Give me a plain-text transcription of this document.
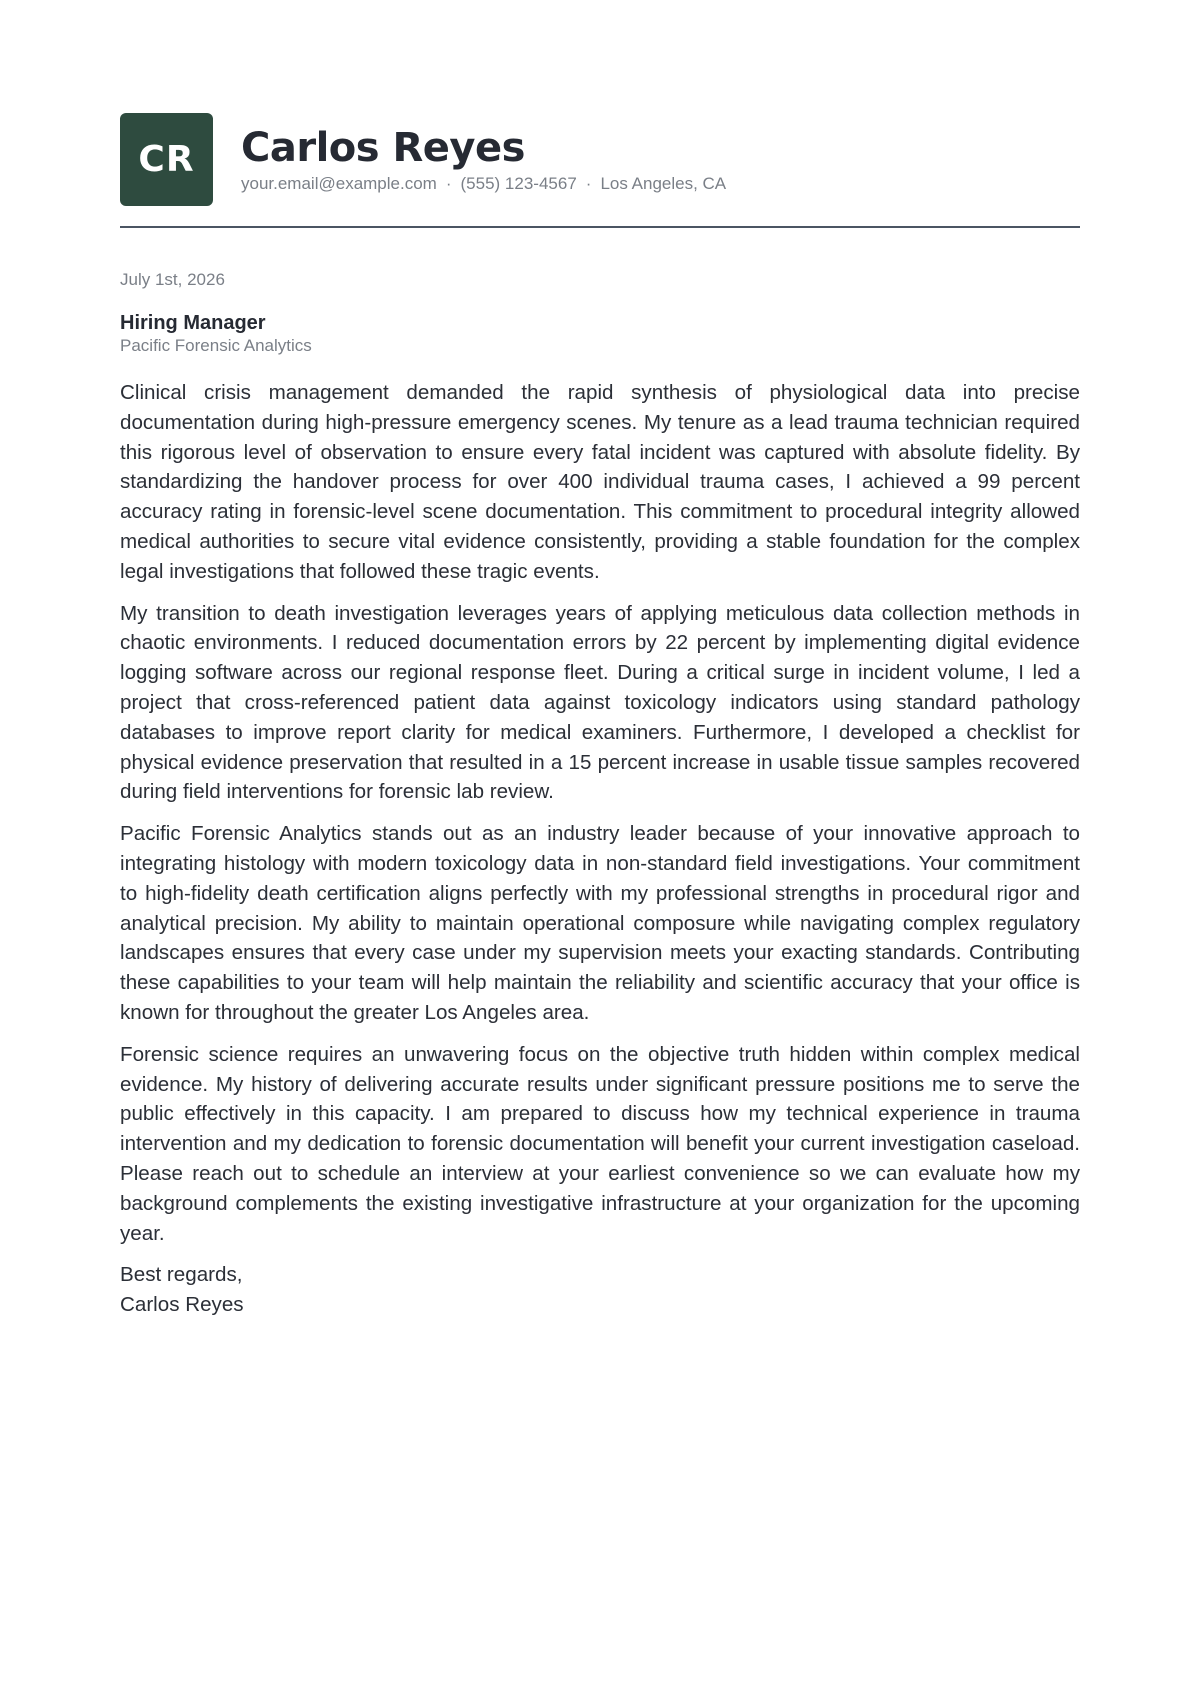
CR Carlos Reyes
your.email@example.com · (555) 123-4567 · Los Angeles, CA
July 1st, 2026
Hiring Manager
Pacific Forensic Analytics

Clinical crisis management demanded the rapid synthesis of physiological data into precise documentation during high-pressure emergency scenes. My tenure as a lead trauma technician required this rigorous level of observation to ensure every fatal incident was captured with absolute fidelity. By standardizing the handover process for over 400 individual trauma cases, I achieved a 99 percent accuracy rating in forensic-level scene documentation. This commitment to procedural integrity allowed medical authorities to secure vital evidence consistently, providing a stable foundation for the complex legal investigations that followed these tragic events.

My transition to death investigation leverages years of applying meticulous data collection methods in chaotic environments. I reduced documentation errors by 22 percent by implementing digital evidence logging software across our regional response fleet. During a critical surge in incident volume, I led a project that cross-referenced patient data against toxicology indicators using standard pathology databases to improve report clarity for medical examiners. Furthermore, I developed a checklist for physical evidence preservation that resulted in a 15 percent increase in usable tissue samples recovered during field interventions for forensic lab review.

Pacific Forensic Analytics stands out as an industry leader because of your innovative approach to integrating histology with modern toxicology data in non-standard field investigations. Your commitment to high-fidelity death certification aligns perfectly with my professional strengths in procedural rigor and analytical precision. My ability to maintain operational composure while navigating complex regulatory landscapes ensures that every case under my supervision meets your exacting standards. Contributing these capabilities to your team will help maintain the reliability and scientific accuracy that your office is known for throughout the greater Los Angeles area.

Forensic science requires an unwavering focus on the objective truth hidden within complex medical evidence. My history of delivering accurate results under significant pressure positions me to serve the public effectively in this capacity. I am prepared to discuss how my technical experience in trauma intervention and my dedication to forensic documentation will benefit your current investigation caseload. Please reach out to schedule an interview at your earliest convenience so we can evaluate how my background complements the existing investigative infrastructure at your organization for the upcoming year.

Best regards,
Carlos Reyes
